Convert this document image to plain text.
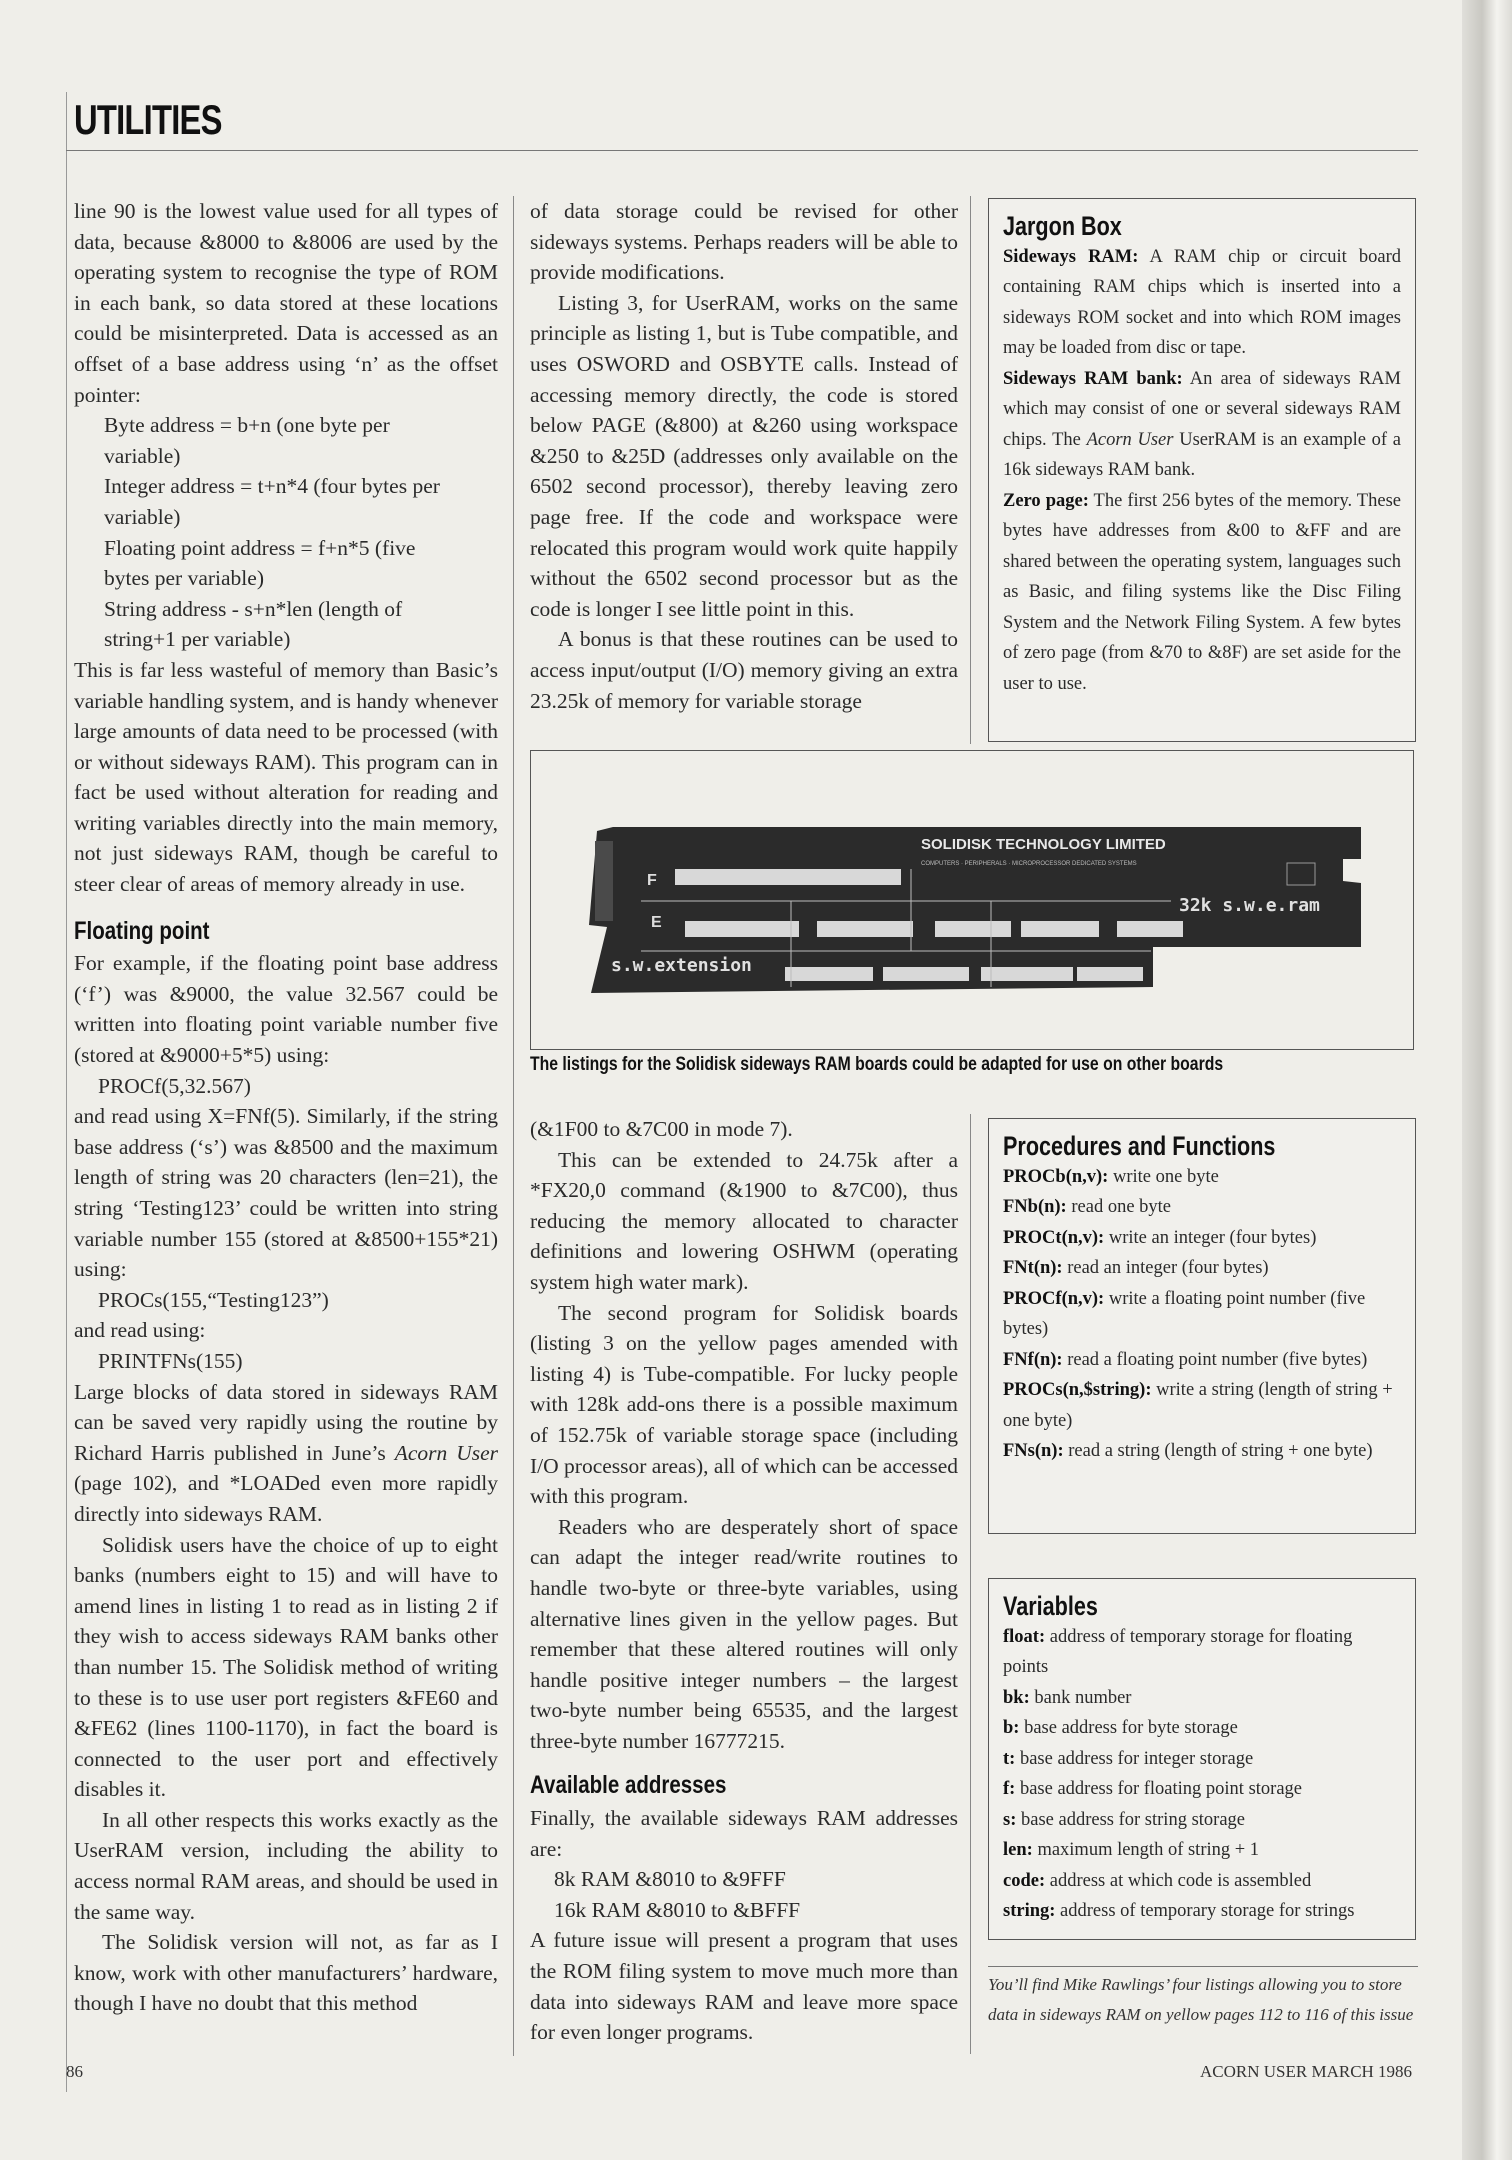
UTILITIES

line 90 is the lowest value used for all types of data, because &8000 to &8006 are used by the operating system to recognise the type of ROM in each bank, so data stored at these locations could be misinterpreted. Data is accessed as an offset of a base address using ‘n’ as the offset pointer:

Byte address = b+n (one byte per
variable)

Integer address = t+n*4 (four bytes per
variable)

Floating point address = f+n*5 (five
bytes per variable)

String address - s+n*len (length of
string+1 per variable)

This is far less wasteful of memory than Basic’s variable handling system, and is handy whenever large amounts of data need to be processed (with or without sideways RAM). This program can in fact be used without alteration for reading and writing variables directly into the main memory, not just sideways RAM, though be careful to steer clear of areas of memory already in use.

Floating point

For example, if the floating point base address (‘f’) was &9000, the value 32.567 could be written into floating point variable number five (stored at &9000+5*5) using:

PROCf(5,32.567)

and read using X=FNf(5). Similarly, if the string base address (‘s’) was &8500 and the maximum length of string was 20 characters (len=21), the string ‘Testing123’ could be written into string variable number 155 (stored at &8500+155*21) using:

PROCs(155,“Testing123”)

and read using:

PRINTFNs(155)

Large blocks of data stored in sideways RAM can be saved very rapidly using the routine by Richard Harris published in June’s Acorn User (page 102), and *LOADed even more rapidly directly into sideways RAM.

Solidisk users have the choice of up to eight banks (numbers eight to 15) and will have to amend lines in listing 1 to read as in listing 2 if they wish to access sideways RAM banks other than number 15. The Solidisk method of writing to these is to use user port registers &FE60 and &FE62 (lines 1100-1170), in fact the board is connected to the user port and effectively disables it.

In all other respects this works exactly as the UserRAM version, including the ability to access normal RAM areas, and should be used in the same way.

The Solidisk version will not, as far as I know, work with other manufacturers’ hardware, though I have no doubt that this method

of data storage could be revised for other sideways systems. Perhaps readers will be able to provide modifications.

Listing 3, for UserRAM, works on the same principle as listing 1, but is Tube compatible, and uses OSWORD and OSBYTE calls. Instead of accessing memory directly, the code is stored below PAGE (&800) at &260 using workspace &250 to &25D (addresses only available on the 6502 second processor), thereby leaving zero page free. If the code and workspace were relocated this program would work quite happily without the 6502 second processor but as the code is longer I see little point in this.

A bonus is that these routines can be used to access input/output (I/O) memory giving an extra 23.25k of memory for variable storage

Jargon Box

Sideways RAM: A RAM chip or circuit board containing RAM chips which is inserted into a sideways ROM socket and into which ROM images may be loaded from disc or tape.

Sideways RAM bank: An area of sideways RAM which may consist of one or several sideways RAM chips. The Acorn User UserRAM is an example of a 16k sideways RAM bank.

Zero page: The first 256 bytes of the memory. These bytes have addresses from &00 to &FF and are shared between the operating system, languages such as Basic, and filing systems like the Disc Filing System and the Network Filing System. A few bytes of zero page (from &70 to &8F) are set aside for the user to use.

SOLIDISK TECHNOLOGY LIMITED
COMPUTERS · PERIPHERALS · MICROPROCESSOR DEDICATED SYSTEMS
s.w.extension
32k s.w.e.ram
F
E
The listings for the Solidisk sideways RAM boards could be adapted for use on other boards

(&1F00 to &7C00 in mode 7).

This can be extended to 24.75k after a *FX20,0 command (&1900 to &7C00), thus reducing the memory allocated to character definitions and lowering OSHWM (operating system high water mark).

The second program for Solidisk boards (listing 3 on the yellow pages amended with listing 4) is Tube-compatible. For lucky people with 128k add-ons there is a possible maximum of 152.75k of variable storage space (including I/O processor areas), all of which can be accessed with this program.

Readers who are desperately short of space can adapt the integer read/write routines to handle two-byte or three-byte variables, using alternative lines given in the yellow pages. But remember that these altered routines will only handle positive integer numbers – the largest two-byte number being 65535, and the largest three-byte number 16777215.

Available addresses

Finally, the available sideways RAM addresses are:

8k RAM &8010 to &9FFF

16k RAM &8010 to &BFFF

A future issue will present a program that uses the ROM filing system to move much more than data into sideways RAM and leave more space for even longer programs.

Procedures and Functions

PROCb(n,v): write one byte

FNb(n): read one byte

PROCt(n,v): write an integer (four bytes)

FNt(n): read an integer (four bytes)

PROCf(n,v): write a floating point number (five bytes)

FNf(n): read a floating point number (five bytes)

PROCs(n,$string): write a string (length of string + one byte)

FNs(n): read a string (length of string + one byte)

Variables

float: address of temporary storage for floating points

bk: bank number

b: base address for byte storage

t: base address for integer storage

f: base address for floating point storage

s: base address for string storage

len: maximum length of string + 1

code: address at which code is assembled

string: address of temporary storage for strings

You’ll find Mike Rawlings’ four listings allowing you to store data in sideways RAM on yellow pages 112 to 116 of this issue
86	ACORN USER MARCH 1986
